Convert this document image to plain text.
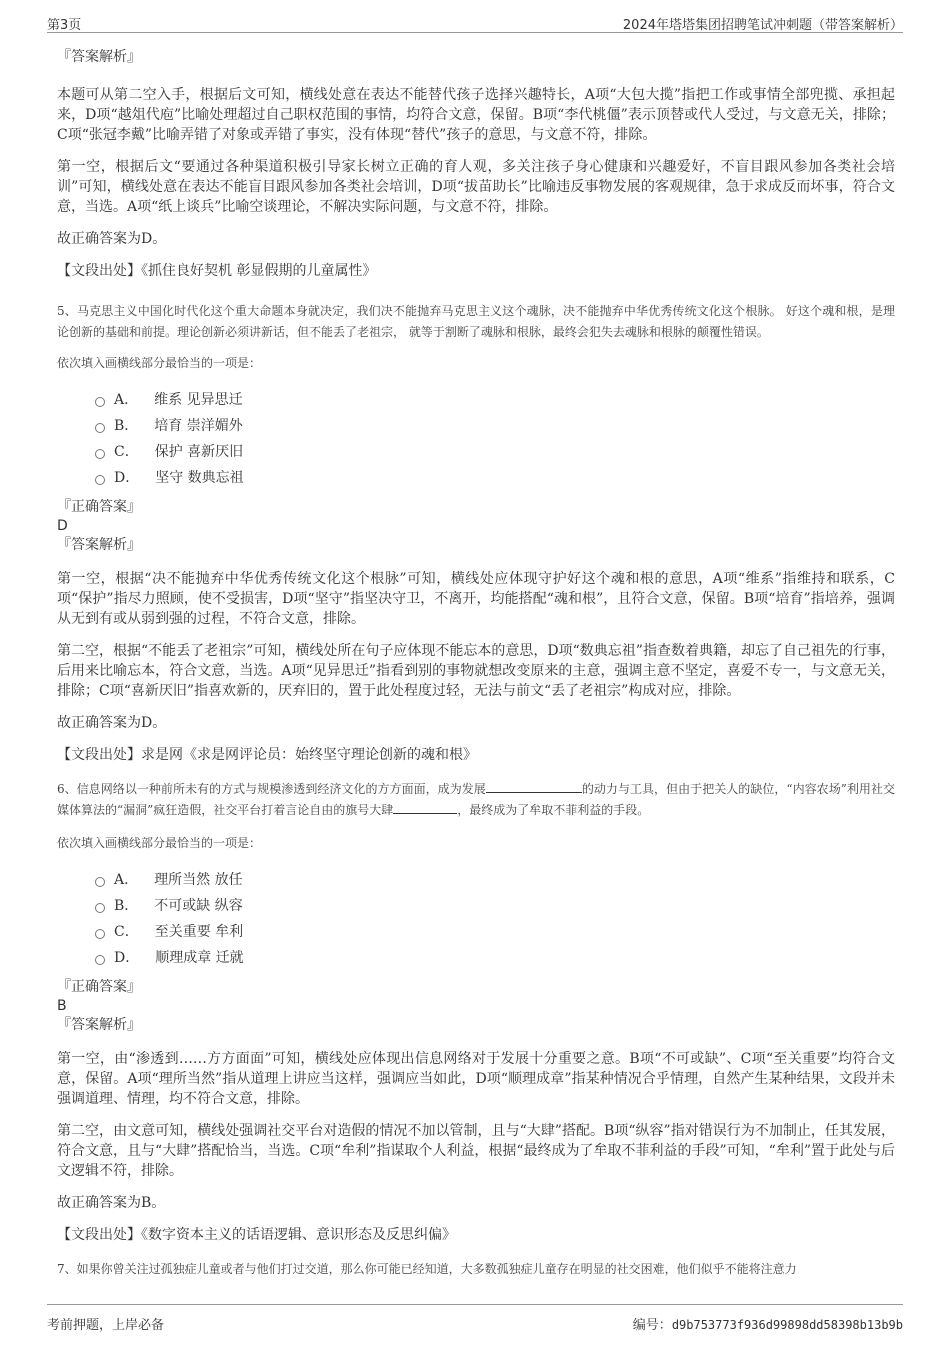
第3页	2024年塔塔集团招聘笔试冲刺题（带答案解析）

『答案解析』

本题可从第二空入手，根据后文可知，横线处意在表达不能替代孩子选择兴趣特长，A项“大包大揽”指把工作或事情全部兜揽、承担起来，D项“越俎代庖”比喻处理超过自己职权范围的事情，均符合文意，保留。B项“李代桃僵”表示顶替或代人受过，与文意无关，排除；C项“张冠李戴”比喻弄错了对象或弄错了事实，没有体现“替代”孩子的意思，与文意不符，排除。

第一空，根据后文“要通过各种渠道积极引导家长树立正确的育人观，多关注孩子身心健康和兴趣爱好，不盲目跟风参加各类社会培训”可知，横线处意在表达不能盲目跟风参加各类社会培训，D项“拔苗助长”比喻违反事物发展的客观规律，急于求成反而坏事，符合文意，当选。A项“纸上谈兵”比喻空谈理论，不解决实际问题，与文意不符，排除。

故正确答案为D。

【文段出处】《抓住良好契机 彰显假期的儿童属性》

5、马克思主义中国化时代化这个重大命题本身就决定，我们决不能抛弃马克思主义这个魂脉，决不能抛弃中华优秀传统文化这个根脉。 好这个魂和根，是理论创新的基础和前提。理论创新必须讲新话，但不能丢了老祖宗， 就等于割断了魂脉和根脉，最终会犯失去魂脉和根脉的颠覆性错误。

依次填入画横线部分最恰当的一项是：

A． 维系 见异思迁
B． 培育 崇洋媚外
C． 保护 喜新厌旧
D． 坚守 数典忘祖

『正确答案』

D

『答案解析』

第一空，根据“决不能抛弃中华优秀传统文化这个根脉”可知，横线处应体现守护好这个魂和根的意思，A项“维系”指维持和联系，C项“保护”指尽力照顾，使不受损害，D项“坚守”指坚决守卫，不离开，均能搭配“魂和根”，且符合文意，保留。B项“培育”指培养，强调从无到有或从弱到强的过程，不符合文意，排除。

第二空，根据“不能丢了老祖宗”可知，横线处所在句子应体现不能忘本的意思，D项“数典忘祖”指查数着典籍，却忘了自己祖先的行事，后用来比喻忘本，符合文意，当选。A项“见异思迁”指看到别的事物就想改变原来的主意，强调主意不坚定，喜爱不专一，与文意无关，排除；C项“喜新厌旧”指喜欢新的，厌弃旧的，置于此处程度过轻，无法与前文“丢了老祖宗”构成对应，排除。

故正确答案为D。

【文段出处】求是网《求是网评论员：始终坚守理论创新的魂和根》

6、信息网络以一种前所未有的方式与规模渗透到经济文化的方方面面，成为发展	的动力与工具，但由于把关人的缺位，“内容农场”利用社交媒体算法的“漏洞”疯狂造假，社交平台打着言论自由的旗号大肆	，最终成为了牟取不菲利益的手段。

依次填入画横线部分最恰当的一项是：

A． 理所当然 放任
B． 不可或缺 纵容
C． 至关重要 牟利
D． 顺理成章 迁就

『正确答案』

B

『答案解析』

第一空，由“渗透到……方方面面”可知，横线处应体现出信息网络对于发展十分重要之意。B项“不可或缺”、C项“至关重要”均符合文意，保留。A项“理所当然”指从道理上讲应当这样，强调应当如此，D项“顺理成章”指某种情况合乎情理，自然产生某种结果，文段并未强调道理、情理，均不符合文意，排除。

第二空，由文意可知，横线处强调社交平台对造假的情况不加以管制，且与“大肆”搭配。B项“纵容”指对错误行为不加制止，任其发展，符合文意，且与“大肆”搭配恰当，当选。C项“牟利”指谋取个人利益，根据“最终成为了牟取不菲利益的手段”可知，“牟利”置于此处与后文逻辑不符，排除。

故正确答案为B。

【文段出处】《数字资本主义的话语逻辑、意识形态及反思纠偏》

7、如果你曾关注过孤独症儿童或者与他们打过交道，那么你可能已经知道，大多数孤独症儿童存在明显的社交困难，他们似乎不能将注意力

考前押题，上岸必备	编号：d9b753773f936d99898dd58398b13b9b
